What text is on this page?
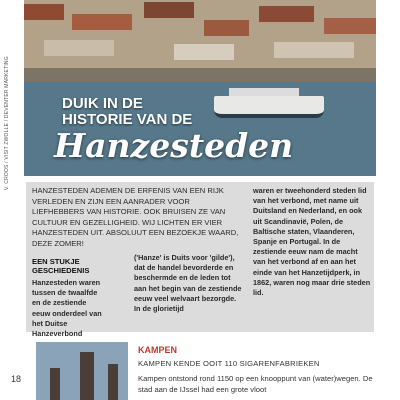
DUIK IN DE HISTORIE VAN DE
Hanzesteden
V. CROOS / VISIT ZWOLLE / DEVENTER MARKETING
HANZESTEDEN ADEMEN DE ERFENIS VAN EEN RIJK VERLEDEN EN ZIJN EEN AANRADER VOOR LIEFHEBBERS VAN HISTORIE. OOK BRUISEN ZE VAN CULTUUR EN GEZELLIGHEID. WIJ LICHTEN ER VIER HANZESTEDEN UIT. ABSOLUUT EEN BEZOEKJE WAARD, DEZE ZOMER!
EEN STUKJE GESCHIEDENIS
Hanzesteden waren tussen de twaalfde en de zestiende eeuw onderdeel van het Duitse Hanzeverbond
('Hanze' is Duits voor 'gilde'), dat de handel bevorderde en beschermde en de leden tot aan het begin van de zestiende eeuw veel welvaart bezorgde. In de glorietijd
waren er tweehonderd steden lid van het verbond, met name uit Duitsland en Nederland, en ook uit Scandinavië, Polen, de Baltische staten, Vlaanderen, Spanje en Portugal. In de zestiende eeuw nam de macht van het verbond af en aan het einde van het Hanzetijdperk, in 1862, waren nog maar drie steden lid.
KAMPEN
KAMPEN KENDE OOIT 110 SIGARENFABRIEKEN
Kampen ontstond rond 1150 op een knooppunt van (water)wegen. De stad aan de IJssel had een grote vloot
18
